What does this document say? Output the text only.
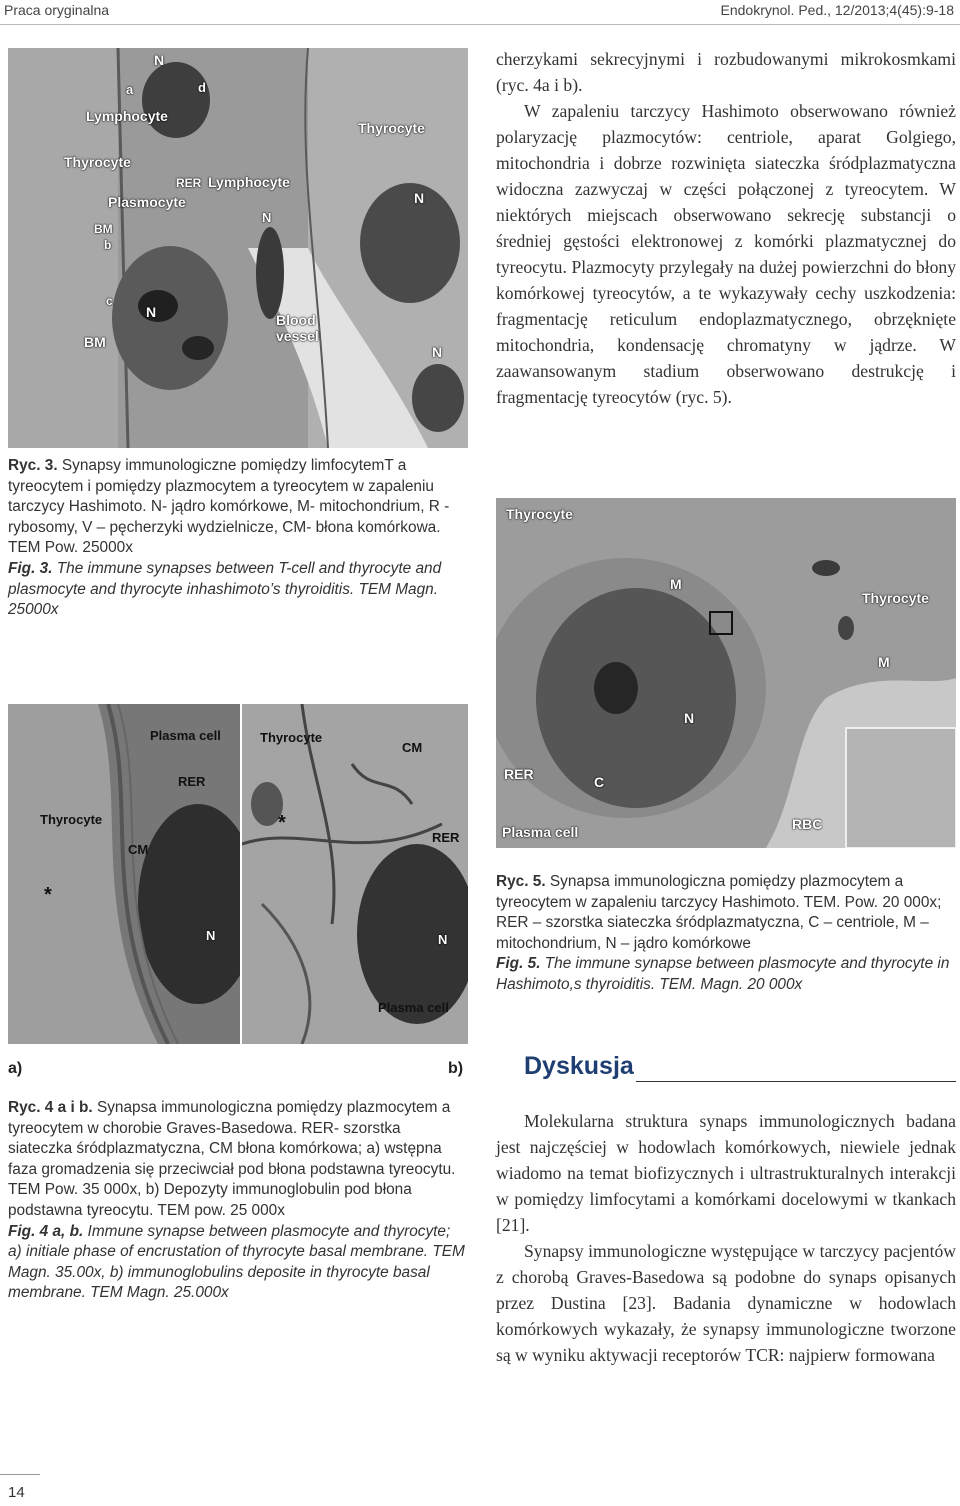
Praca oryginalna	Endokrynol. Ped., 12/2013;4(45):9-18
N
a	d
Lymphocyte
Thyrocyte
RER Lymphocyte
Plasmocyte
BM
b
N
Thyrocyte
N
c
BM
N	Blood vessel
N

Ryc. 3. Synapsy immunologiczne pomiędzy limfocytemT a tyreocytem i pomiędzy plazmocytem a tyreocytem w zapaleniu tarczycy Hashimoto. N- jądro komórkowe, M- mitochondrium, R - rybosomy, V – pęcherzyki wydzielnicze, CM- błona komórkowa. TEM Pow. 25000x

Fig. 3. The immune synapses between T-cell and thyrocyte and plasmocyte and thyrocyte inhashimoto’s thyroiditis. TEM Magn. 25000x

cherzykami sekrecyjnymi i rozbudowanymi mikrokosmkami (ryc. 4a i b).

W zapaleniu tarczycy Hashimoto obserwowano również polaryzację plazmocytów: centriole, aparat Golgiego, mitochondria i dobrze rozwinięta siateczka śródplazmatyczna widoczna zazwyczaj w części połączonej z tyreocytem. W niektórych miejscach obserwowano sekrecję substancji o średniej gęstości elektronowej z komórki plazmatycznej do tyreocytu. Plazmocyty przylegały na dużej powierzchni do błony komórkowej tyreocytów, a te wykazywały cechy uszkodzenia: fragmentację reticulum endoplazmatycznego, obrzęknięte mitochondria, kondensację chromatyny w jądrze. W zaawansowanym stadium obserwowano destrukcję i fragmentację tyreocytów (ryc. 5).

Thyrocyte
M
Thyrocyte
M
N
RER	C
Plasma cell	RBC

Ryc. 5. Synapsa immunologiczna pomiędzy plazmocytem a tyreocytem w zapaleniu tarczycy Hashimoto. TEM. Pow. 20 000x; RER – szorstka siateczka śródplazmatyczna, C – centriole, M – mitochondrium, N – jądro komórkowe

Fig. 5. The immune synapse between plasmocyte and thyrocyte in Hashimoto,s thyroiditis. TEM. Magn. 20 000x

Plasma cell
RER
Thyrocyte
CM
*
N
Thyrocyte
CM
*
RER
N
Plasma cell
a)	b)

Ryc. 4 a i b. Synapsa immunologiczna pomiędzy plazmocytem a tyreocytem w chorobie Graves-Basedowa. RER- szorstka siateczka śródplazmatyczna, CM błona komórkowa; a) wstępna faza gromadzenia się przeciwciał pod błona podstawna tyreocytu. TEM Pow. 35 000x, b) Depozyty immunoglobulin pod błona podstawna tyreocytu. TEM pow. 25 000x

Fig. 4 a, b. Immune synapse between plasmocyte and thyrocyte; a) initiale phase of encrustation of thyrocyte basal membrane. TEM Magn. 35.00x, b) immunoglobulins deposite in thyrocyte basal membrane. TEM Magn. 25.000x

Dyskusja

Molekularna struktura synaps immunologicznych badana jest najczęściej w hodowlach komórkowych, niewiele jednak wiadomo na temat biofizycznych i ultrastrukturalnych interakcji w pomiędzy limfocytami a komórkami docelowymi w tkankach [21].

Synapsy immunologiczne występujące w tarczycy pacjentów z chorobą Graves-Basedowa są podobne do synaps opisanych przez Dustina [23]. Badania dynamiczne w hodowlach komórkowych wykazały, że synapsy immunologiczne tworzone są w wyniku aktywacji receptorów TCR: najpierw formowana

14
